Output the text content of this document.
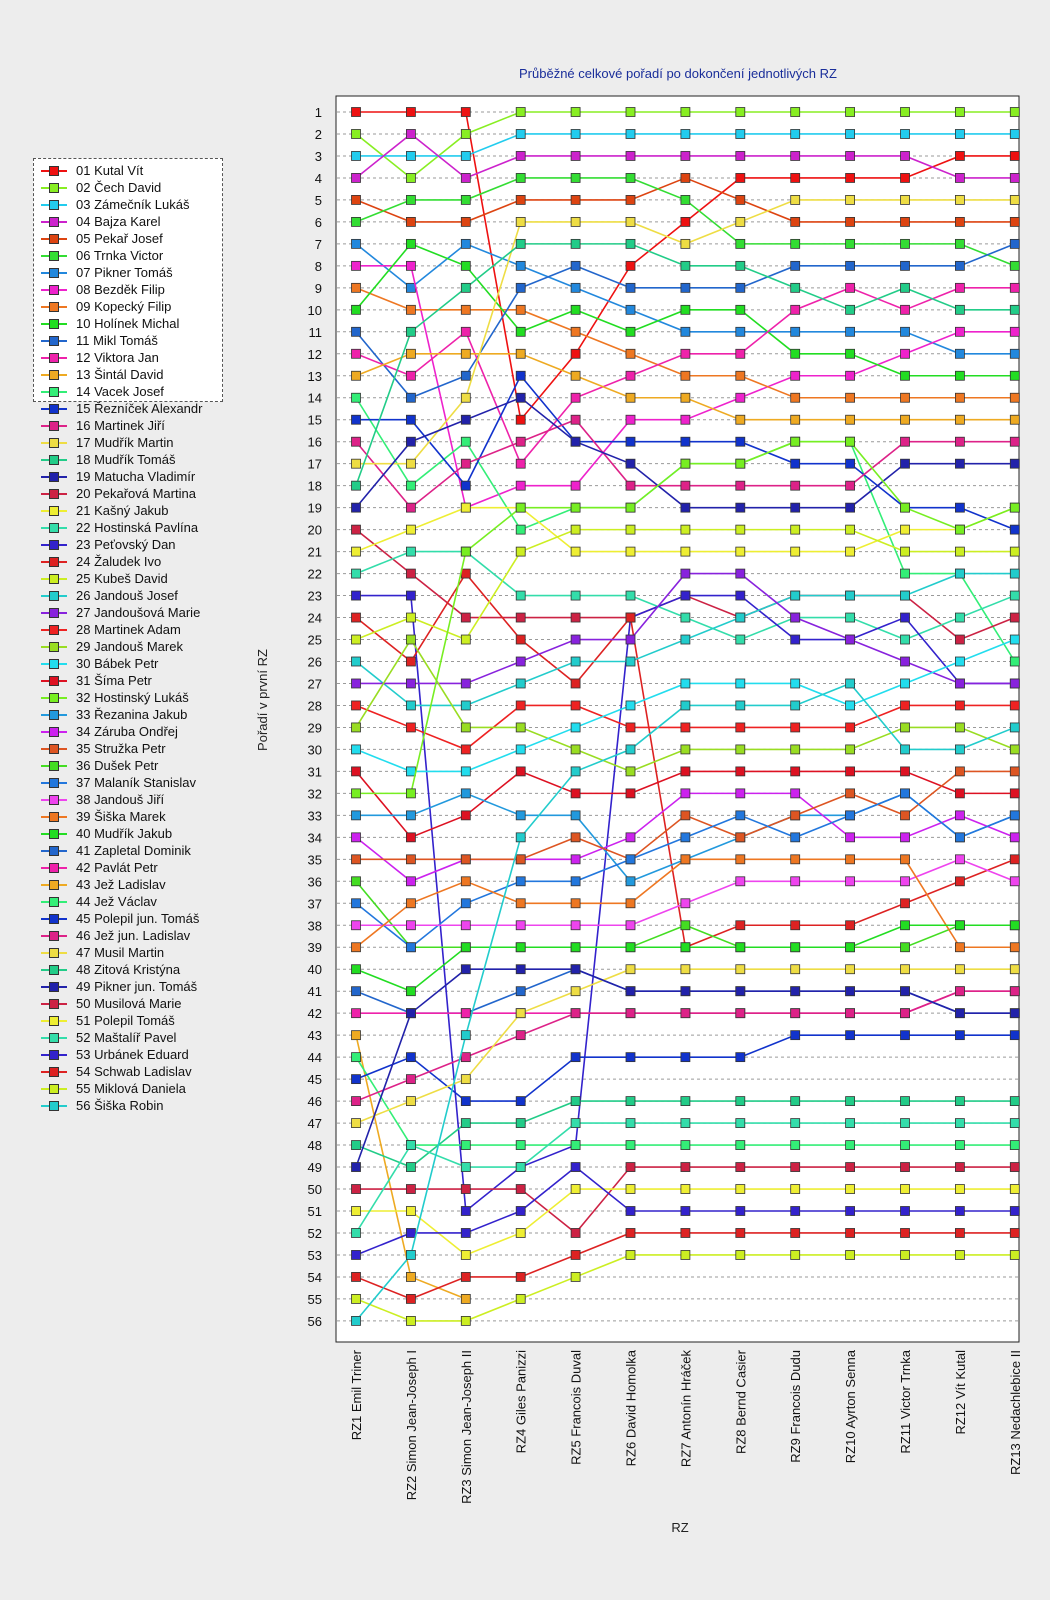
01 Kutal Vít
02 Čech David
03 Zámečník Lukáš
04 Bajza Karel
05 Pekař Josef
06 Trnka Victor
07 Pikner Tomáš
08 Bezděk Filip
09 Kopecký Filip
10 Holínek Michal
11 Mikl Tomáš
12 Viktora Jan
13 Šintál David
14 Vacek Josef
15 Řezníček Alexandr
16 Martinek Jiří
17 Mudřík Martin
18 Mudřík Tomáš
19 Matucha Vladimír
20 Pekařová Martina
21 Kašný Jakub
22 Hostinská Pavlína
23 Peťovský Dan
24 Žaludek Ivo
25 Kubeš David
26 Jandouš Josef
27 Jandoušová Marie
28 Martinek Adam
29 Jandouš Marek
30 Bábek Petr
31 Šíma Petr
32 Hostinský Lukáš
33 Řezanina Jakub
34 Záruba Ondřej
35 Stružka Petr
36 Dušek Petr
37 Malaník Stanislav
38 Jandouš Jiří
39 Šiška Marek
40 Mudřík Jakub
41 Zapletal Dominik
42 Pavlát Petr
43 Jež Ladislav
44 Jež Václav
45 Polepil jun. Tomáš
46 Jež jun. Ladislav
47 Musil Martin
48 Zitová Kristýna
49 Pikner jun. Tomáš
50 Musilová Marie
51 Polepil Tomáš
52 Maštalíř Pavel
53 Urbánek Eduard
54 Schwab Ladislav
55 Miklová Daniela
56 Šiška Robin
Průběžné celkové pořadí po dokončení jednotlivých RZ
1
2
3
4
5
6
7
8
9
10
11
12
13
14
15
16
17
18
19
20
21
22
23
24
25
26
27
28
29
30
31
32
33
34
35
36
37
38
39
40
41
42
43
44
45
46
47
48
49
50
51
52
53
54
55
56
RZ1 Emil Triner	RZ2 Simon Jean-Joseph I	RZ3 Simon Jean-Joseph II	RZ4 Giles Panizzi	RZ5 Francois Duval	RZ6 David Homolka	RZ7 Antonín Hráček	RZ8 Bernd Casier	RZ9 Francois Dudu	RZ10 Ayrton Senna	RZ11 Victor Trnka	RZ12 Vít Kutal	RZ13 Nedachlebice II
Pořadí v první RZ
RZ
